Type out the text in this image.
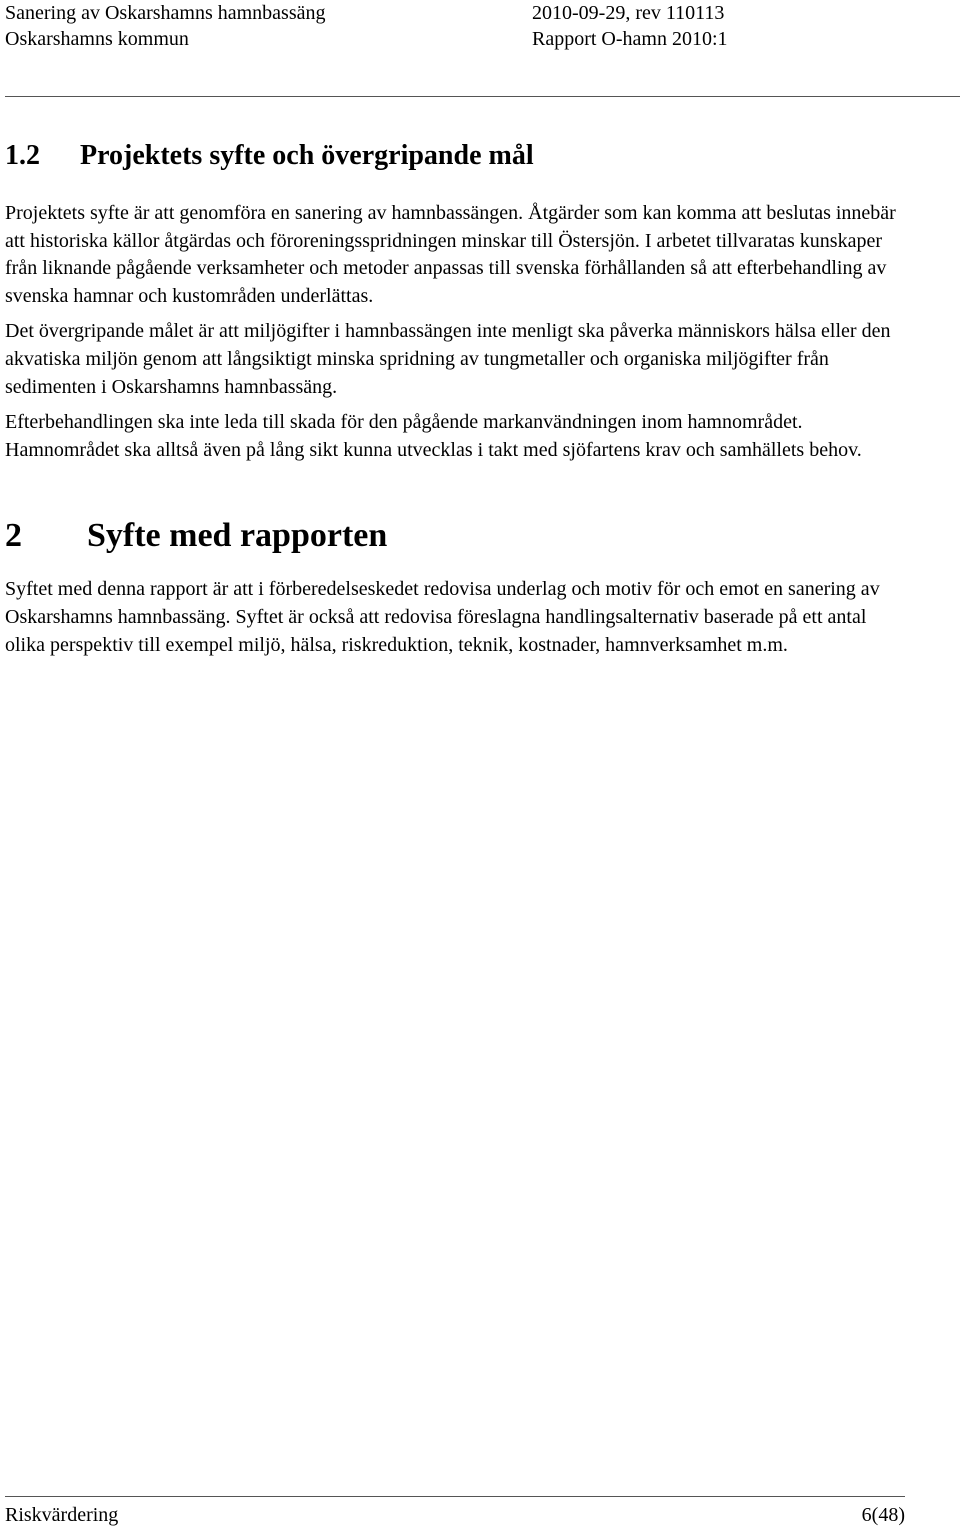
Sanering av Oskarshamns hamnbassäng	2010-09-29, rev 110113
Oskarshamns kommun	Rapport O-hamn 2010:1
1.2	Projektets syfte och övergripande mål

Projektets syfte är att genomföra en sanering av hamnbassängen. Åtgärder som kan komma att beslutas innebär att historiska källor åtgärdas och föroreningsspridningen minskar till Östersjön. I arbetet tillvaratas kunskaper från liknande pågående verksamheter och metoder anpassas till svenska förhållanden så att efterbehandling av svenska hamnar och kustområden underlättas.

Det övergripande målet är att miljögifter i hamnbassängen inte menligt ska påverka människors hälsa eller den akvatiska miljön genom att långsiktigt minska spridning av tungmetaller och organiska miljögifter från sedimenten i Oskarshamns hamnbassäng.

Efterbehandlingen ska inte leda till skada för den pågående markanvändningen inom hamnområdet. Hamnområdet ska alltså även på lång sikt kunna utvecklas i takt med sjöfartens krav och samhällets behov.

2	Syfte med rapporten

Syftet med denna rapport är att i förberedelseskedet redovisa underlag och motiv för och emot en sanering av Oskarshamns hamnbassäng. Syftet är också att redovisa föreslagna handlingsalternativ baserade på ett antal olika perspektiv till exempel miljö, hälsa, riskreduktion, teknik, kostnader, hamnverksamhet m.m.

Riskvärdering	6(48)
